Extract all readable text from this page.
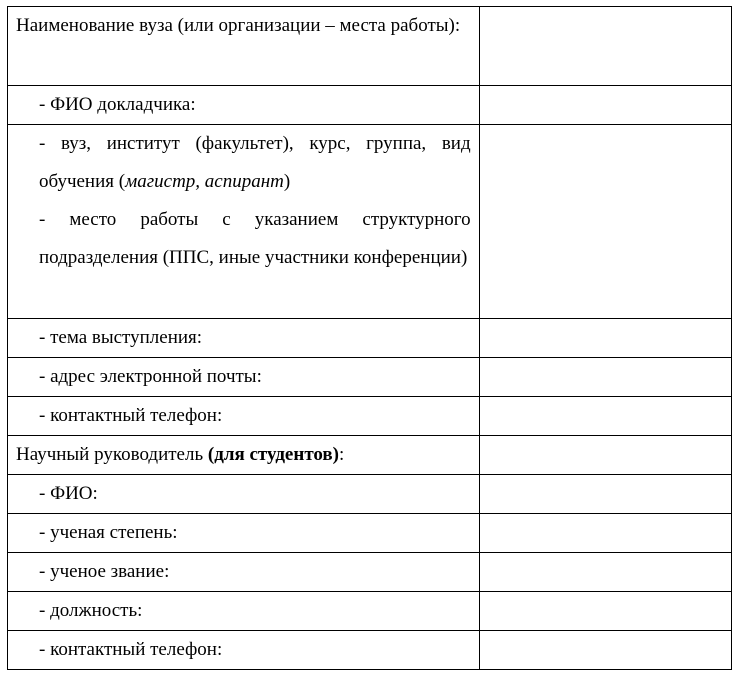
Наименование вуза (или организации – места работы):	

- ФИО докладчика:	

- вуз, институт (факультет), курс, группа, вид обучения (магистр, аспирант)
- место работы с указанием структурного подразделения (ППС, иные участники конференции)	

- тема выступления:	

- адрес электронной почты:	

- контактный телефон:	

Научный руководитель (для студентов):	

- ФИО:	

- ученая степень:	

- ученое звание:	

- должность:	

- контактный телефон:	
